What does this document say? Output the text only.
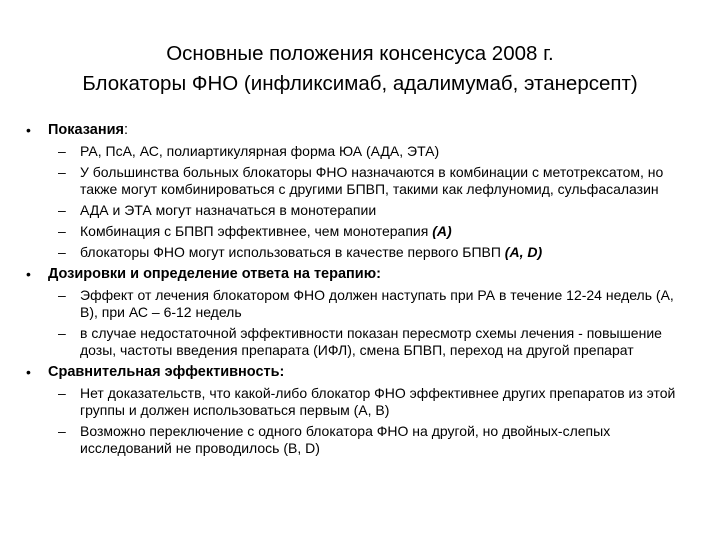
Основные положения консенсуса 2008 г.
Блокаторы ФНО (инфликсимаб, адалимумаб, этанерсепт)
• Показания:
– РА, ПсА, АС, полиартикулярная форма ЮА (АДА, ЭТА)
– У большинства больных блокаторы ФНО назначаются в комбинации с метотрексатом, но также могут комбинироваться с другими БПВП, такими как лефлуномид, сульфасалазин
– АДА и ЭТА могут назначаться в монотерапии
– Комбинация с БПВП эффективнее, чем монотерапия (A)
– блокаторы ФНО могут использоваться в качестве первого БПВП (A, D)
• Дозировки и определение ответа на терапию:
– Эффект от лечения блокатором ФНО должен наступать при РА в течение 12-24 недель (А, В), при АС – 6-12 недель
– в случае недостаточной эффективности показан пересмотр схемы лечения - повышение дозы, частоты введения препарата (ИФЛ), смена БПВП, переход на другой препарат
• Сравнительная эффективность:
– Нет доказательств, что какой-либо блокатор ФНО эффективнее других препаратов из этой группы и должен использоваться первым (А, В)
– Возможно переключение с одного блокатора ФНО на другой, но двойных-слепых исследований не проводилось (B, D)
